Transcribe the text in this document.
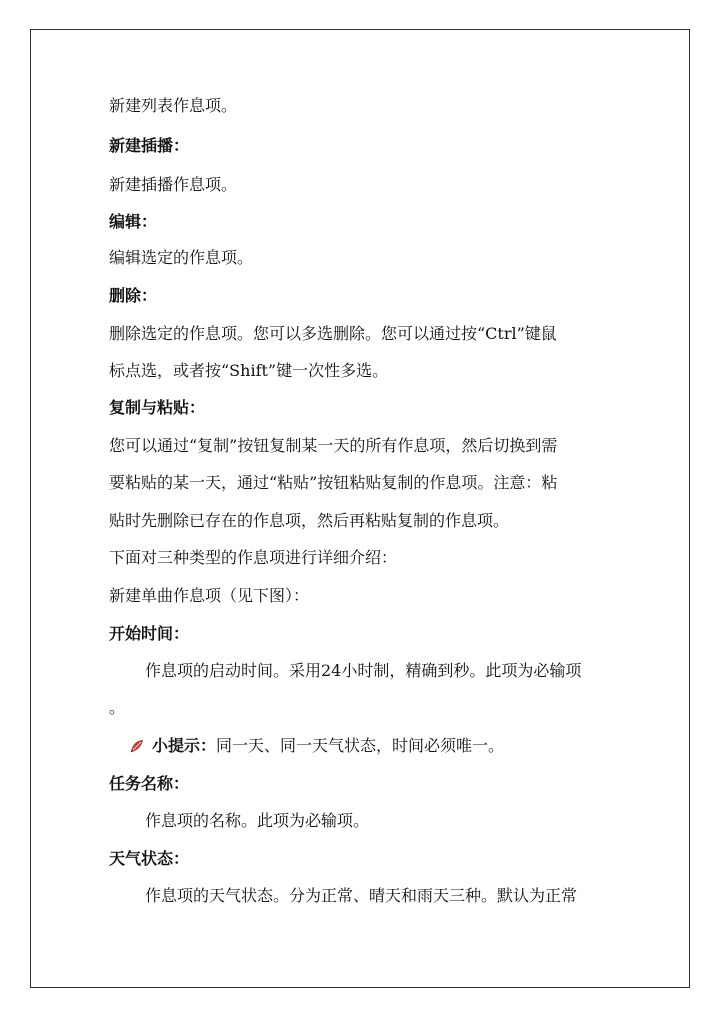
新建列表作息项。
新建插播：
新建插播作息项。
编辑：
编辑选定的作息项。
删除：
删除选定的作息项。您可以多选删除。您可以通过按“Ctrl”键鼠
标点选，或者按“Shift”键一次性多选。
复制与粘贴：
您可以通过“复制”按钮复制某一天的所有作息项，然后切换到需
要粘贴的某一天，通过“粘贴”按钮粘贴复制的作息项。注意：粘
贴时先删除已存在的作息项，然后再粘贴复制的作息项。
下面对三种类型的作息项进行详细介绍：
新建单曲作息项（见下图）：
开始时间：
作息项的启动时间。采用24小时制，精确到秒。此项为必输项
。
小提示：同一天、同一天气状态，时间必须唯一。
任务名称：
作息项的名称。此项为必输项。
天气状态：
作息项的天气状态。分为正常、晴天和雨天三种。默认为正常
